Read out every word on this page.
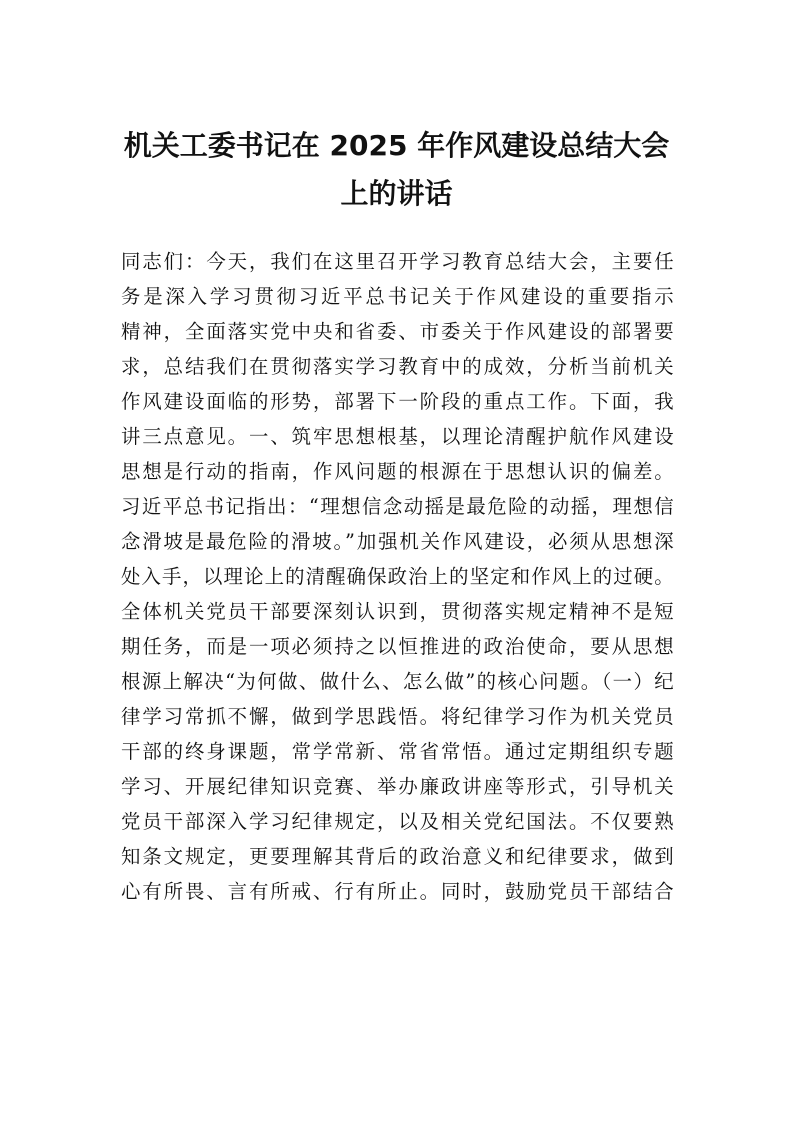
机关工委书记在 2025 年作风建设总结大会
上的讲话
同志们：今天，我们在这里召开学习教育总结大会，主要任
务是深入学习贯彻习近平总书记关于作风建设的重要指示
精神，全面落实党中央和省委、市委关于作风建设的部署要
求，总结我们在贯彻落实学习教育中的成效，分析当前机关
作风建设面临的形势，部署下一阶段的重点工作。下面，我
讲三点意见。一、筑牢思想根基，以理论清醒护航作风建设
思想是行动的指南，作风问题的根源在于思想认识的偏差。
习近平总书记指出：“理想信念动摇是最危险的动摇，理想信
念滑坡是最危险的滑坡。”加强机关作风建设，必须从思想深
处入手，以理论上的清醒确保政治上的坚定和作风上的过硬。
全体机关党员干部要深刻认识到，贯彻落实规定精神不是短
期任务，而是一项必须持之以恒推进的政治使命，要从思想
根源上解决“为何做、做什么、怎么做”的核心问题。（一）纪
律学习常抓不懈，做到学思践悟。将纪律学习作为机关党员
干部的终身课题，常学常新、常省常悟。通过定期组织专题
学习、开展纪律知识竞赛、举办廉政讲座等形式，引导机关
党员干部深入学习纪律规定，以及相关党纪国法。不仅要熟
知条文规定，更要理解其背后的政治意义和纪律要求，做到
心有所畏、言有所戒、行有所止。同时，鼓励党员干部结合
